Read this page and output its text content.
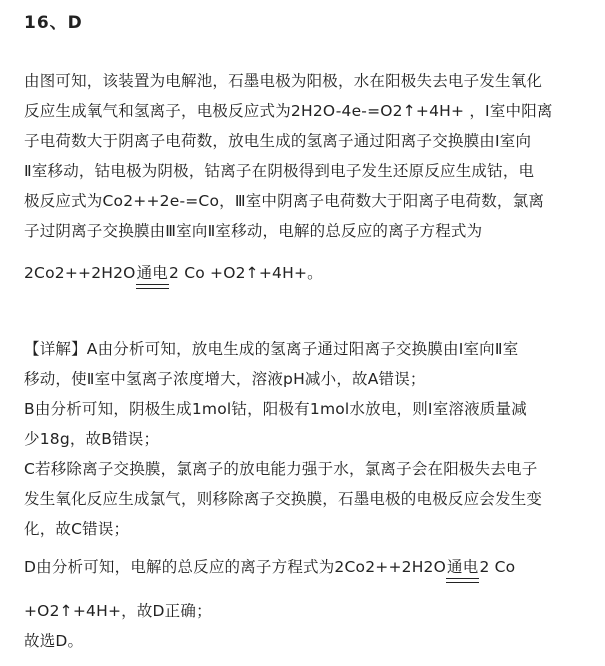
16、D
由图可知，该装置为电解池，石墨电极为阳极，水在阳极失去电子发生氧化
反应生成氧气和氢离子，电极反应式为2H2O-4e-=O2↑+4H+ ，Ⅰ室中阳离
子电荷数大于阴离子电荷数，放电生成的氢离子通过阳离子交换膜由Ⅰ室向
Ⅱ室移动，钴电极为阴极，钴离子在阴极得到电子发生还原反应生成钴，电
极反应式为Co2++2e-=Co，Ⅲ室中阴离子电荷数大于阳离子电荷数，氯离
子过阴离子交换膜由Ⅲ室向Ⅱ室移动，电解的总反应的离子方程式为
2Co2++2H2O通电2 Co +O2↑+4H+。
【详解】A由分析可知，放电生成的氢离子通过阳离子交换膜由Ⅰ室向Ⅱ室
移动，使Ⅱ室中氢离子浓度增大，溶液pH减小，故A错误；
B由分析可知，阴极生成1mol钴，阳极有1mol水放电，则Ⅰ室溶液质量减
少18g，故B错误；
C若移除离子交换膜，氯离子的放电能力强于水，氯离子会在阳极失去电子
发生氧化反应生成氯气，则移除离子交换膜，石墨电极的电极反应会发生变
化，故C错误；
D由分析可知，电解的总反应的离子方程式为2Co2++2H2O通电2 Co
+O2↑+4H+，故D正确；
故选D。
